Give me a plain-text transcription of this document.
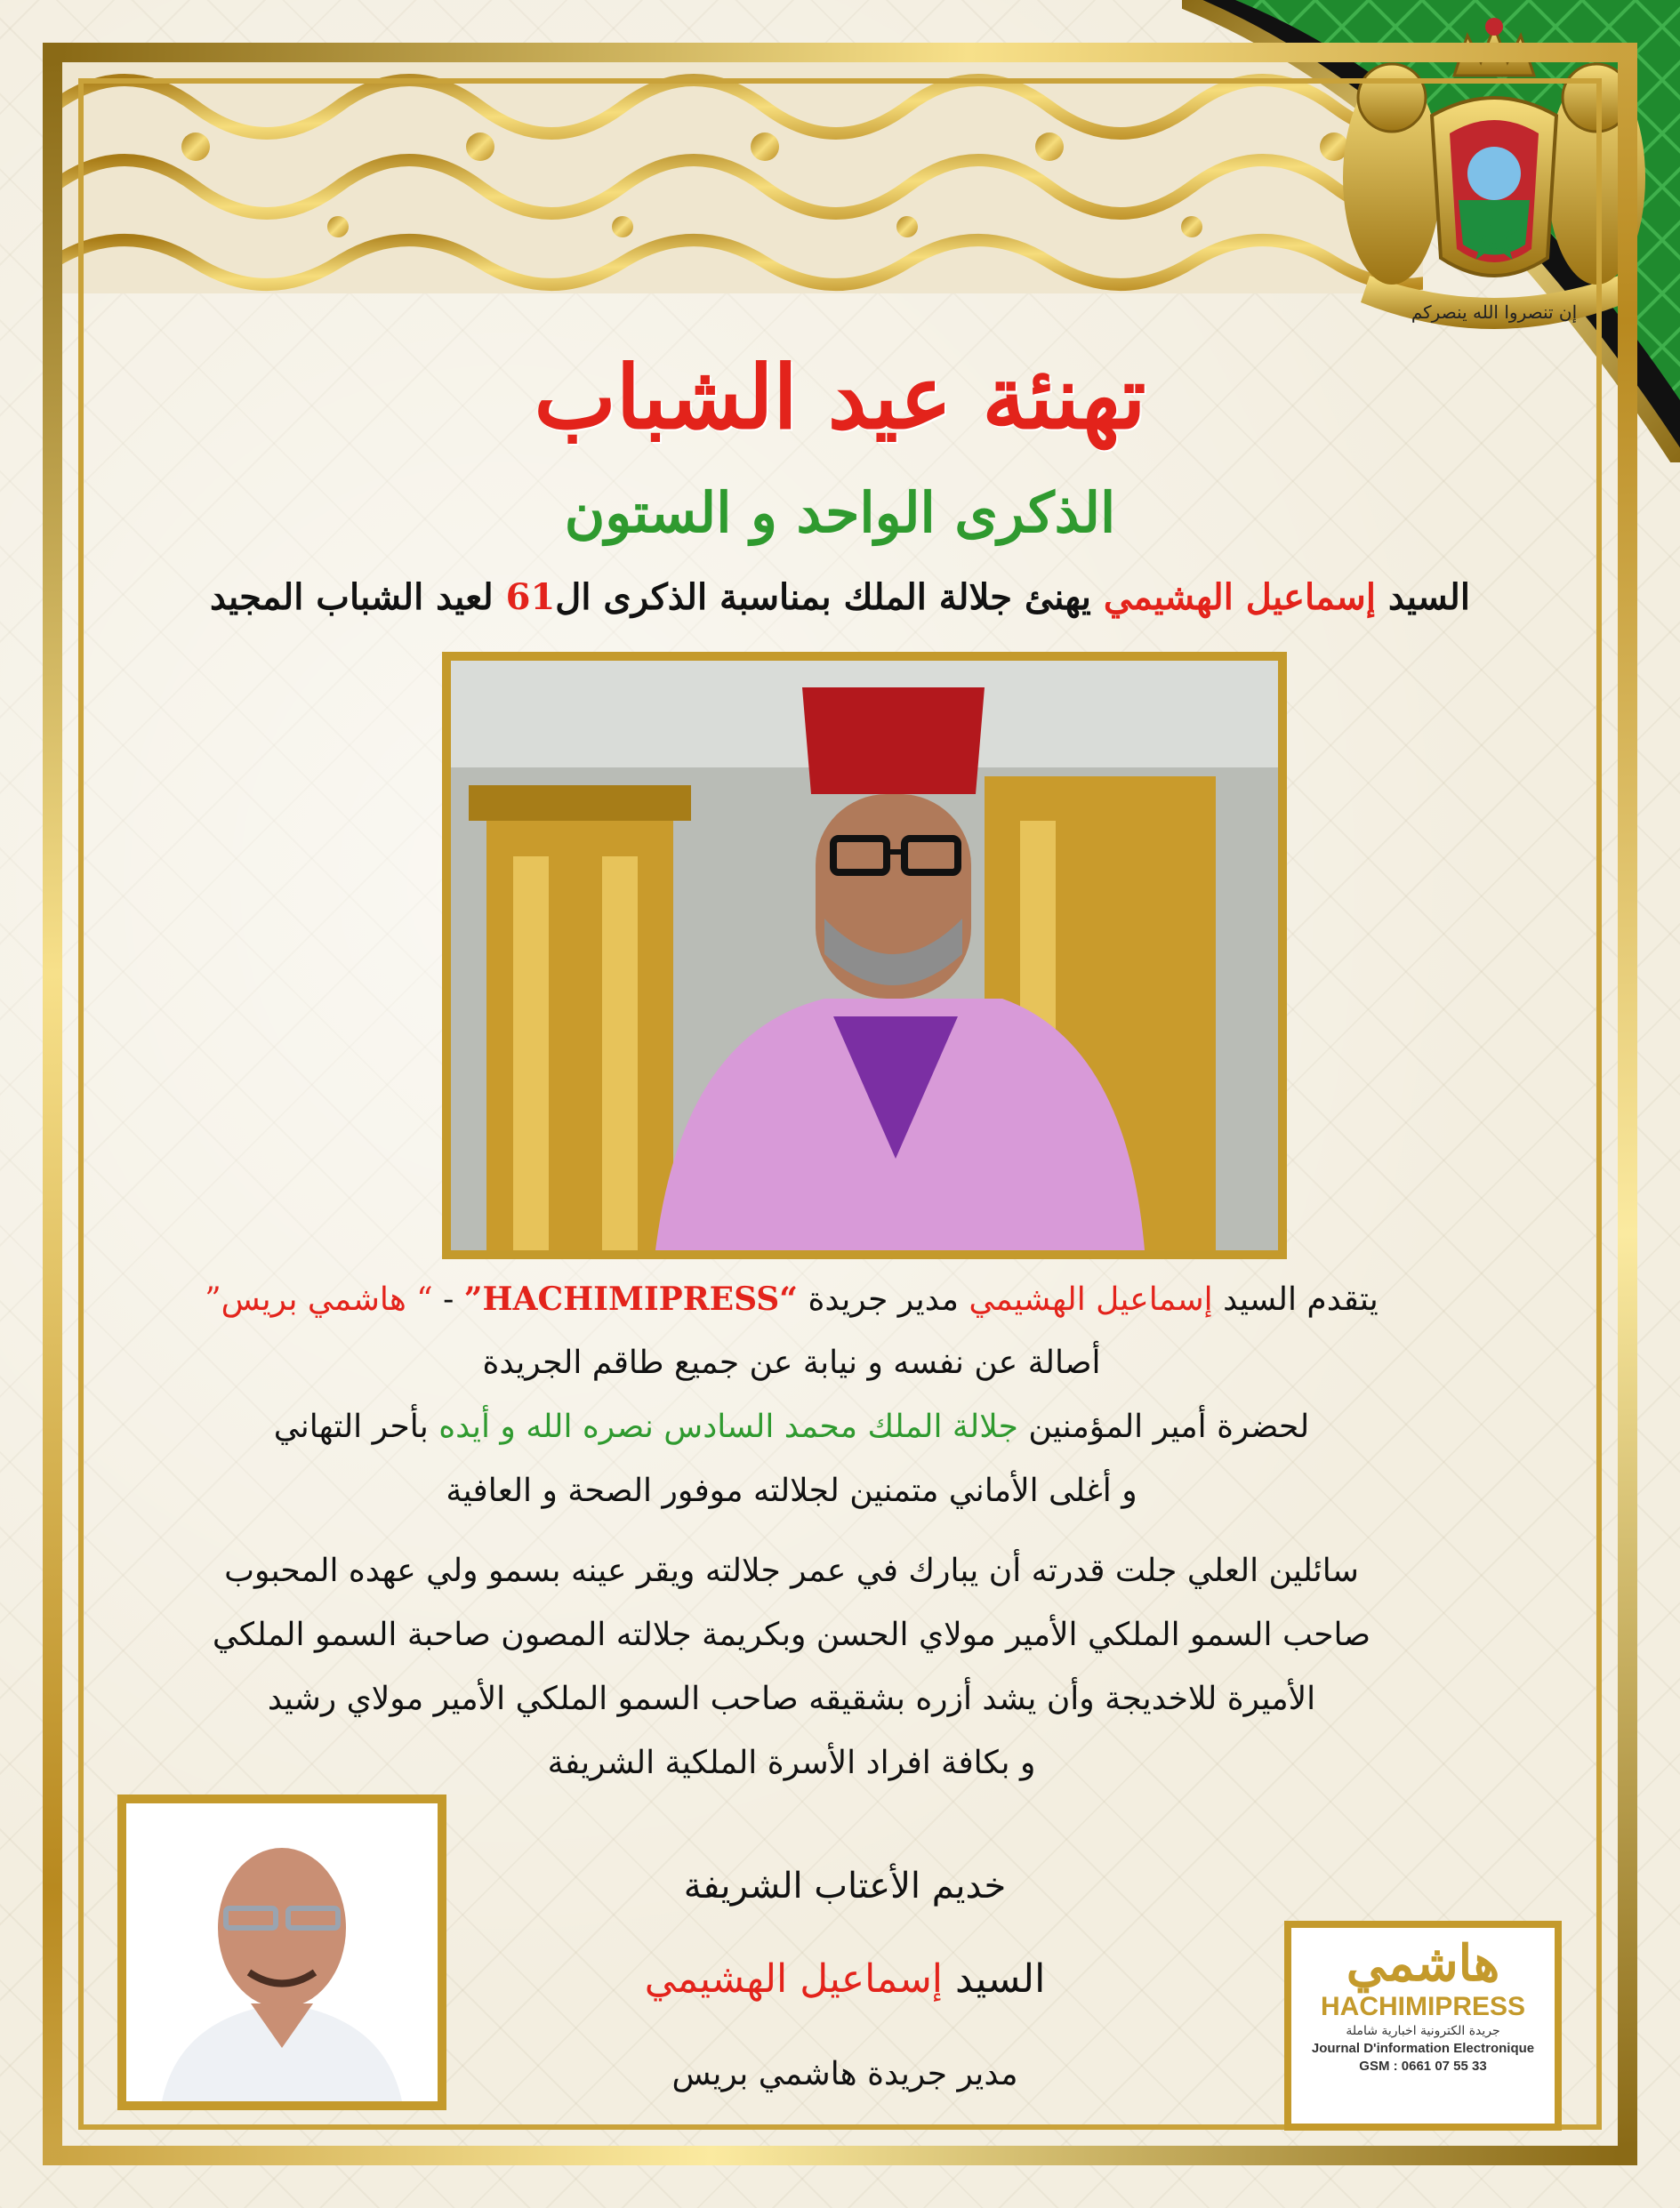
إن تنصروا الله ينصركم
تهنئة عيد الشباب
الذكرى الواحد و الستون
السيد إسماعيل الهشيمي يهنئ جلالة الملك بمناسبة الذكرى ال61 لعيد الشباب المجيد
يتقدم السيد إسماعيل الهشيمي مدير جريدة “HACHIMIPRESS” - “ هاشمي بريس”
أصالة عن نفسه و نيابة عن جميع طاقم الجريدة
لحضرة أمير المؤمنين جلالة الملك محمد السادس نصره الله و أيده بأحر التهاني
و أغلى الأماني متمنين لجلالته موفور الصحة و العافية
سائلين العلي جلت قدرته أن يبارك في عمر جلالته ويقر عينه بسمو ولي عهده المحبوب
صاحب السمو الملكي الأمير مولاي الحسن وبكريمة جلالته المصون صاحبة السمو الملكي
الأميرة للاخديجة وأن يشد أزره بشقيقه صاحب السمو الملكي الأمير مولاي رشيد
و بكافة افراد الأسرة الملكية الشريفة
خديم الأعتاب الشريفة
السيد إسماعيل الهشيمي
مدير جريدة هاشمي بريس
هاشمي
HACHIMIPRESS
جريدة الكترونية اخبارية شاملة
Journal D'information Electronique
GSM : 0661 07 55 33
